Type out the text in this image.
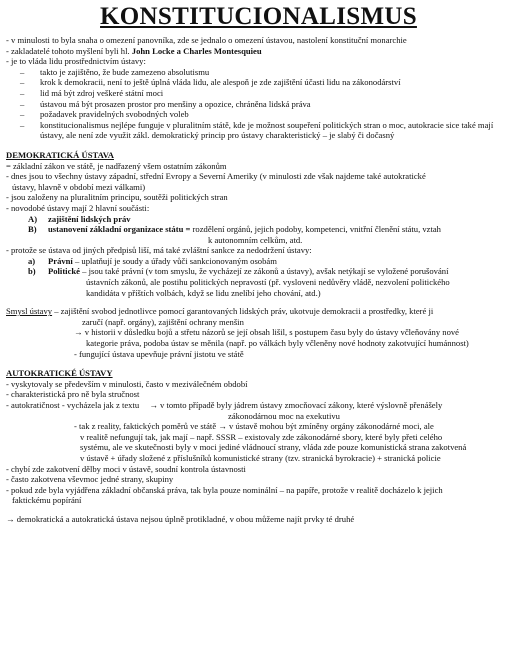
KONSTITUCIONALISMUS
- v minulosti to byla snaha o omezení panovníka, zde se jednalo o omezení ústavou, nastolení konstituční monarchie
- zakladatelé tohoto myšlení byli hl. John Locke a Charles Montesquieu
- je to vláda lidu prostřednictvím ústavy:
–	takto je zajištěno, že bude zamezeno absolutismu
–	krok k demokracii, není to ještě úplná vláda lidu, ale alespoň je zde zajištění účasti lidu na zákonodárství
–	lid má být zdroj veškeré státní moci
–	ústavou má být prosazen prostor pro menšiny a opozice, chráněna lidská práva
–	požadavek pravidelných svobodných voleb
–	konstitucionalismus nejlépe funguje v pluralitním státě, kde je možnost soupeření politických stran o moc, autokracie sice také mají ústavy, ale není zde využit zákl. demokratický princip pro ústavy charakteristický – je slabý či dočasný
DEMOKRATICKÁ ÚSTAVA
= základní zákon ve státě, je nadřazený všem ostatním zákonům
- dnes jsou to všechny ústavy západní, střední Evropy a Severní Ameriky (v minulosti zde však najdeme také autokratické
ústavy, hlavně v období mezi válkami)
- jsou založeny na pluralitním principu, soutěži politických stran
- novodobé ústavy mají 2 hlavní součásti:
A)	zajištění lidských práv
B)	ustanovení základní organizace státu = rozdělení orgánů, jejich podoby, kompetenci, vnitřní členění státu, vztah
k autonomním celkům, atd.
- protože se ústava od jiných předpisů liší, má také zvláštní sankce za nedodržení ústavy:
a)	Právní – uplatňují je soudy a úřady vůči sankcionovaným osobám
b)	Politické – jsou také právní (v tom smyslu, že vycházejí ze zákonů a ústavy), avšak netýkají se vyložené porušování
ústavních zákonů, ale postihu politických nepravostí (př. vysloveni nedůvěry vládě, nezvolení politického
kandidáta v příštích volbách, když se lidu znelíbí jeho chování, atd.)
Smysl ústavy – zajištění svobod jednotlivce pomocí garantovaných lidských práv, ukotvuje demokracii a prostředky, které ji
zaručí (např. orgány), zajištění ochrany menšin
→ v historii v důsledku bojů a střetu názorů se její obsah lišil, s postupem času byly do ústavy včleňovány nové
kategorie práva, podoba ústav se měnila (např. po válkách byly včleněny nové hodnoty zakotvující humánnost)
- fungující ústava upevňuje právní jistotu ve státě
AUTOKRATICKÉ ÚSTAVY
- vyskytovaly se především v minulosti, často v meziválečném období
- charakteristická pro ně byla stručnost
- autokratičnost - vycházela jak z textu → v tomto případě byly jádrem ústavy zmocňovací zákony, které výslovně přenášely
zákonodárnou moc na exekutivu
- tak z reality, faktických poměrů ve státě → v ústavě mohou být zmíněny orgány zákonodárné moci, ale
v realitě nefungují tak, jak mají – např. SSSR – existovaly zde zákonodárné sbory, které byly přeti celého
systému, ale ve skutečnosti byly v moci jediné vládnoucí strany, vláda zde pouze komunistická strana zakotvená
v ústavě + úřady složené z příslušníků komunistické strany (tzv. stranická byrokracie) + stranická policie
- chybí zde zakotvení dělby moci v ústavě, soudní kontrola ústavnosti
- často zakotvena vševmoc jedné strany, skupiny
- pokud zde byla vyjádřena základní občanská práva, tak byla pouze nominální – na papíře, protože v realitě docházelo k jejich
faktickému popírání
→ demokratická a autokratická ústava nejsou úplně protikladné, v obou můžeme najít prvky té druhé
